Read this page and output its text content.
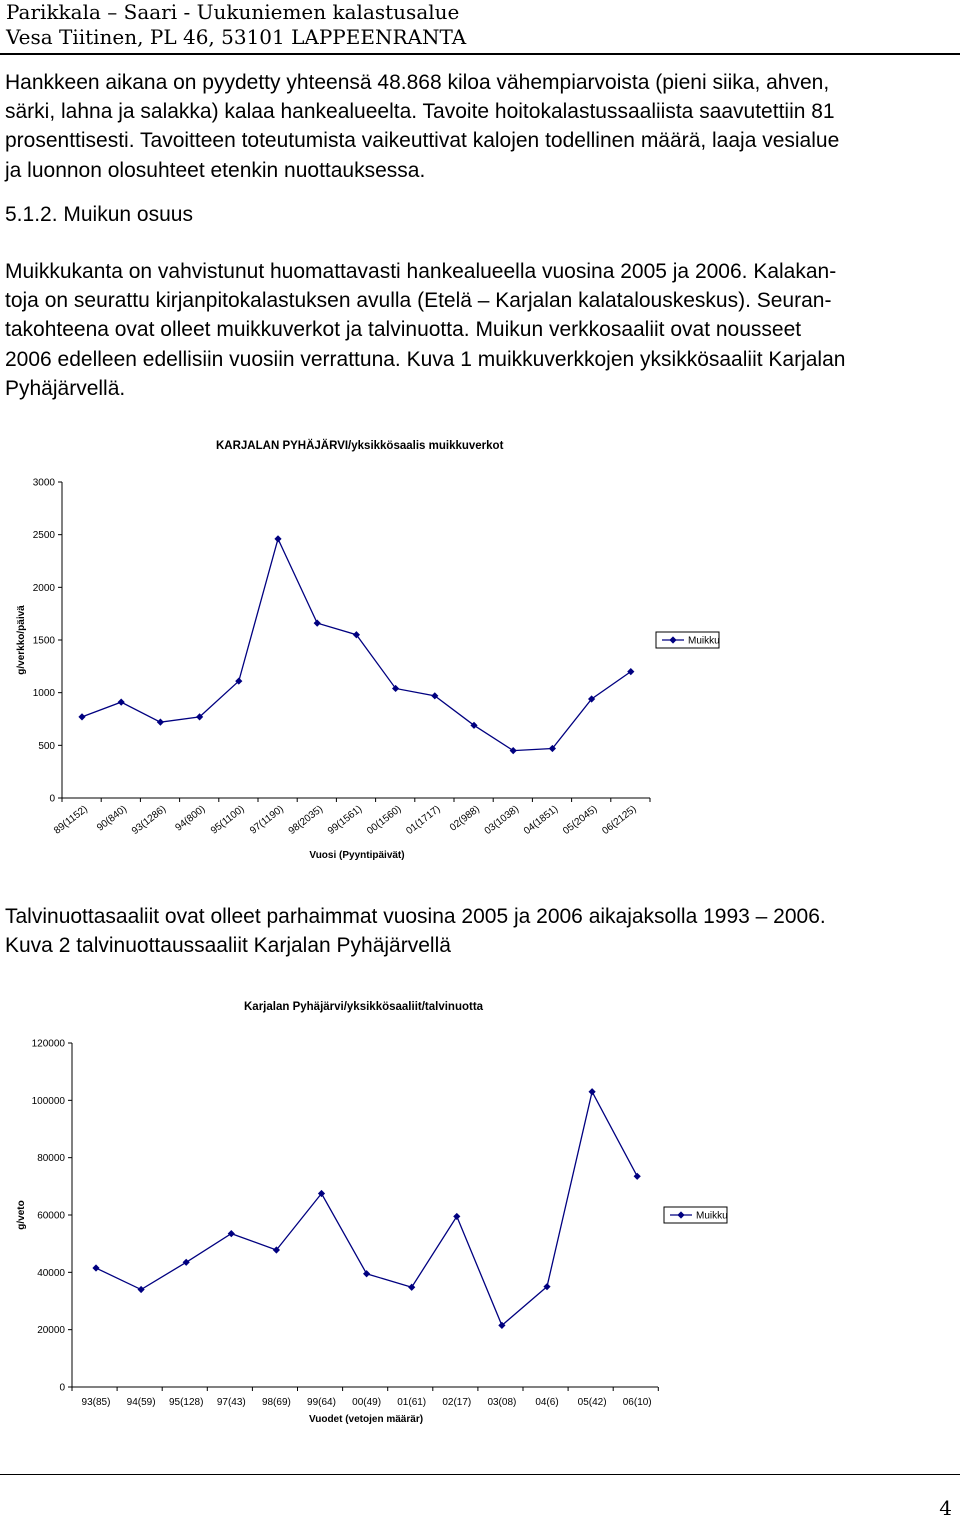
Parikkala – Saari - Uukuniemen kalastusalue
Vesa Tiitinen, PL 46, 53101 LAPPEENRANTA
Hankkeen aikana on pyydetty yhteensä 48.868 kiloa vähempiarvoista (pieni siika, ahven,
särki, lahna ja salakka) kalaa hankealueelta. Tavoite hoitokalastussaaliista saavutettiin 81
prosenttisesti. Tavoitteen toteutumista vaikeuttivat kalojen todellinen määrä, laaja vesialue
ja luonnon olosuhteet etenkin nuottauksessa.
5.1.2. Muikun osuus
Muikkukanta on vahvistunut huomattavasti hankealueella vuosina 2005 ja 2006. Kalakan-
toja on seurattu kirjanpitokalastuksen avulla (Etelä – Karjalan kalatalouskeskus). Seuran-
takohteena ovat olleet muikkuverkot ja talvinuotta. Muikun verkkosaaliit ovat nousseet
2006 edelleen edellisiin vuosiin verrattuna. Kuva 1 muikkuverkkojen yksikkösaaliit Karjalan
Pyhäjärvellä.
KARJALAN PYHÄJÄRVI/yksikkösaalis muikkuverkot
0
500
1000
1500
2000
2500
3000
89(1152) 90(840) 93(1286) 94(800) 95(1100) 97(1190) 98(2035) 99(1561) 00(1560) 01(1717) 02(988) 03(1038) 04(1851) 05(2045) 06(2125)
Vuosi (Pyyntipäivät)
g/verkko/päivä	Muikku
Talvinuottasaaliit ovat olleet parhaimmat vuosina 2005 ja 2006 aikajaksolla 1993 – 2006.
Kuva 2 talvinuottaussaaliit Karjalan Pyhäjärvellä
Karjalan Pyhäjärvi/yksikkösaaliit/talvinuotta
0
20000
40000
60000
80000
100000
120000
93(85) 94(59) 95(128) 97(43) 98(69) 99(64) 00(49) 01(61) 02(17) 03(08) 04(6) 05(42) 06(10)
Vuodet (vetojen määrär)
g/veto	Muikku
4
